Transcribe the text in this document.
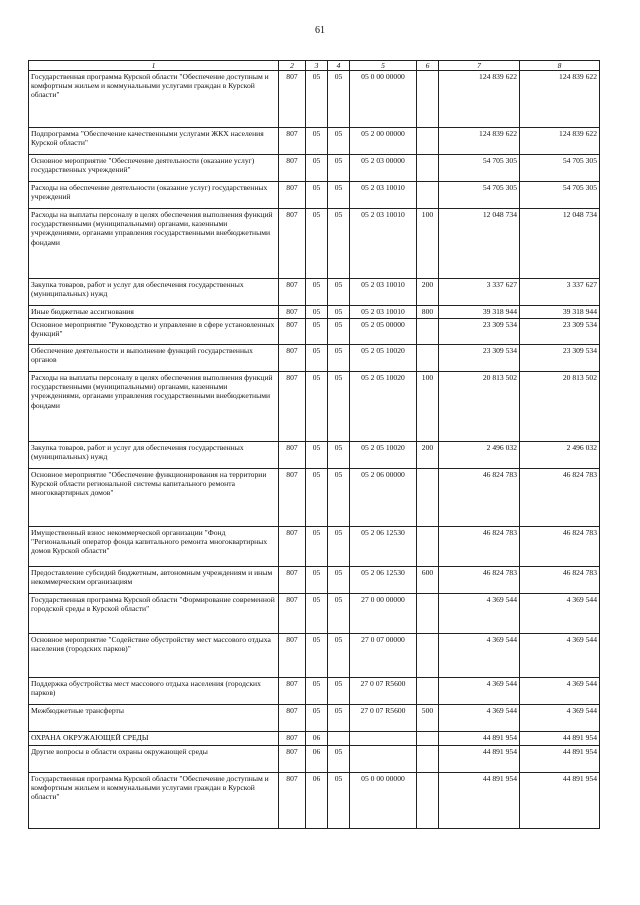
61
1	2	3	4	5	6	7	8
Государственная программа Курской области "Обеспечение доступным и комфортным жильем и коммунальными услугами граждан в Курской области"	807	05	05	05 0 00 00000		124 839 622	124 839 622
Подпрограмма "Обеспечение качественными услугами ЖКХ населения Курской области"	807	05	05	05 2 00 00000		124 839 622	124 839 622
Основное мероприятие "Обеспечение деятельности (оказание услуг) государственных учреждений"	807	05	05	05 2 03 00000		54 705 305	54 705 305
Расходы на обеспечение деятельности (оказание услуг) государственных учреждений	807	05	05	05 2 03 10010		54 705 305	54 705 305
Расходы на выплаты персоналу в целях обеспечения выполнения функций государственными (муниципальными) органами, казенными учреждениями, органами управления государственными внебюджетными фондами	807	05	05	05 2 03 10010	100	12 048 734	12 048 734
Закупка товаров, работ и услуг для обеспечения государственных (муниципальных) нужд	807	05	05	05 2 03 10010	200	3 337 627	3 337 627
Иные бюджетные ассигнования	807	05	05	05 2 03 10010	800	39 318 944	39 318 944
Основное мероприятие "Руководство и управление в сфере установленных функций"	807	05	05	05 2 05 00000		23 309 534	23 309 534
Обеспечение деятельности и выполнение функций государственных органов	807	05	05	05 2 05 10020		23 309 534	23 309 534
Расходы на выплаты персоналу в целях обеспечения выполнения функций государственными (муниципальными) органами, казенными учреждениями, органами управления государственными внебюджетными фондами	807	05	05	05 2 05 10020	100	20 813 502	20 813 502
Закупка товаров, работ и услуг для обеспечения государственных (муниципальных) нужд	807	05	05	05 2 05 10020	200	2 496 032	2 496 032
Основное мероприятие "Обеспечение функционирования на территории Курской области региональной системы капитального ремонта многоквартирных домов"	807	05	05	05 2 06 00000		46 824 783	46 824 783
Имущественный взнос некоммерческой организации "Фонд "Региональный оператор фонда капитального ремонта многоквартирных домов Курской области"	807	05	05	05 2 06 12530		46 824 783	46 824 783
Предоставление субсидий бюджетным, автономным учреждениям и иным некоммерческим организациям	807	05	05	05 2 06 12530	600	46 824 783	46 824 783
Государственная программа Курской области "Формирование современной городской среды в Курской области"	807	05	05	27 0 00 00000		4 369 544	4 369 544
Основное мероприятие "Содействие обустройству мест массового отдыха населения (городских парков)"	807	05	05	27 0 07 00000		4 369 544	4 369 544
Поддержка обустройства мест массового отдыха населения (городских парков)	807	05	05	27 0 07 R5600		4 369 544	4 369 544
Межбюджетные трансферты	807	05	05	27 0 07 R5600	500	4 369 544	4 369 544
ОХРАНА ОКРУЖАЮЩЕЙ СРЕДЫ	807	06				44 891 954	44 891 954
Другие вопросы в области охраны окружающей среды	807	06	05			44 891 954	44 891 954
Государственная программа Курской области "Обеспечение доступным и комфортным жильем и коммунальными услугами граждан в Курской области"	807	06	05	05 0 00 00000		44 891 954	44 891 954
